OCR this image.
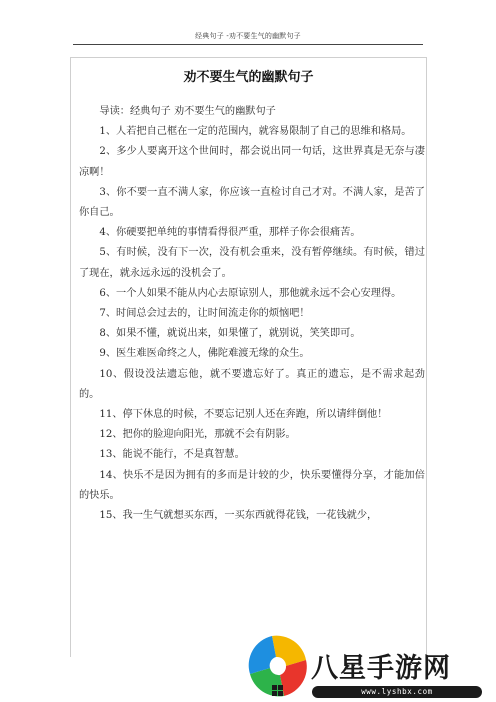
经典句子 -劝不要生气的幽默句子
劝不要生气的幽默句子

导读：经典句子 劝不要生气的幽默句子

1、人若把自己框在一定的范围内，就容易限制了自己的思维和格局。

2、多少人要离开这个世间时，都会说出同一句话，这世界真是无奈与凄凉啊！

3、你不要一直不满人家，你应该一直检讨自己才对。不满人家，是苦了你自己。

4、你硬要把单纯的事情看得很严重，那样子你会很痛苦。

5、有时候，没有下一次，没有机会重来，没有暂停继续。有时候，错过了现在，就永远永远的没机会了。

6、一个人如果不能从内心去原谅别人，那他就永远不会心安理得。

7、时间总会过去的，让时间流走你的烦恼吧！

8、如果不懂，就说出来，如果懂了，就别说，笑笑即可。

9、医生难医命终之人，佛陀难渡无缘的众生。

10、假设没法遗忘他，就不要遗忘好了。真正的遗忘，是不需求起劲的。

11、停下休息的时候，不要忘记别人还在奔跑，所以请绊倒他！

12、把你的脸迎向阳光，那就不会有阴影。

13、能说不能行，不是真智慧。

14、快乐不是因为拥有的多而是计较的少，快乐要懂得分享，才能加倍的快乐。

15、我一生气就想买东西，一买东西就得花钱，一花钱就少，

八星手游网
www.lyshbx.com
